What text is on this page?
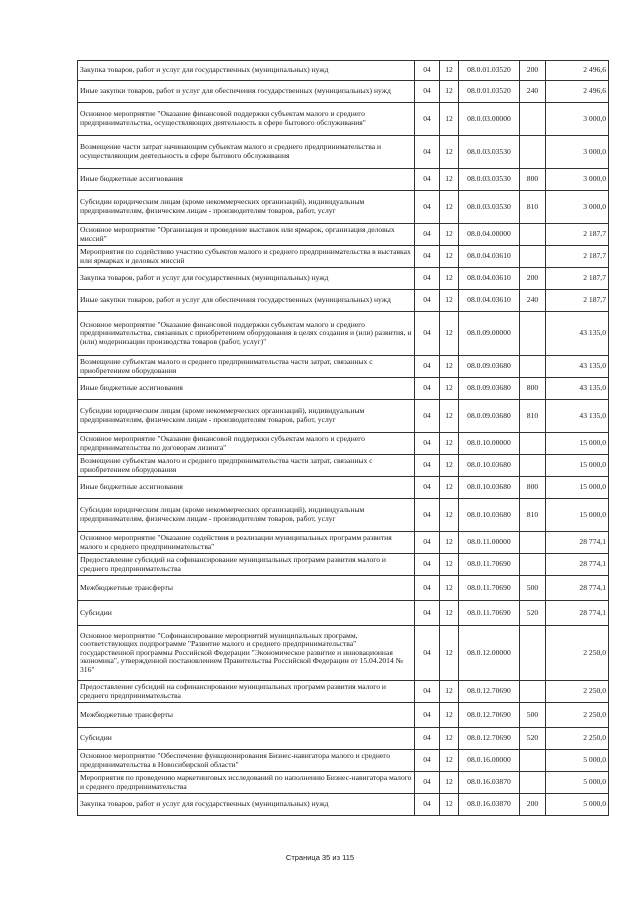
Закупка товаров, работ и услуг для государственных (муниципальных) нужд	04	12	08.0.01.03520	200	2 496,6
Иные закупки товаров, работ и услуг для обеспечения государственных (муниципальных) нужд	04	12	08.0.01.03520	240	2 496,6
Основное мероприятие "Оказание финансовой поддержки субъектам малого и среднего предпринимательства, осуществляющих деятельность в сфере бытового обслуживания"	04	12	08.0.03.00000		3 000,0
Возмещение части затрат начинающим субъектам малого и среднего предпринимательства и осуществляющим деятельность в сфере бытового обслуживания	04	12	08.0.03.03530		3 000,0
Иные бюджетные ассигнования	04	12	08.0.03.03530	800	3 000,0
Субсидии юридическим лицам (кроме некоммерческих организаций), индивидуальным предпринимателям, физическим лицам - производителям товаров, работ, услуг	04	12	08.0.03.03530	810	3 000,0
Основное мероприятие "Организация и проведение выставок или ярмарок, организация деловых миссий"	04	12	08.0.04.00000		2 187,7
Мероприятия по содействию участию субъектов малого и среднего предпринимательства в выставках или ярмарках и деловых миссий	04	12	08.0.04.03610		2 187,7
Закупка товаров, работ и услуг для государственных (муниципальных) нужд	04	12	08.0.04.03610	200	2 187,7
Иные закупки товаров, работ и услуг для обеспечения государственных (муниципальных) нужд	04	12	08.0.04.03610	240	2 187,7
Основное мероприятие "Оказание финансовой поддержки субъектам малого и среднего предпринимательства, связанных с приобретением оборудования в целях создания и (или) развития, и (или) модернизации производства товаров (работ, услуг)"	04	12	08.0.09.00000		43 135,0
Возмещение субъектам малого и среднего предпринимательства части затрат, связанных с приобретением оборудования	04	12	08.0.09.03680		43 135,0
Иные бюджетные ассигнования	04	12	08.0.09.03680	800	43 135,0
Субсидии юридическим лицам (кроме некоммерческих организаций), индивидуальным предпринимателям, физическим лицам - производителям товаров, работ, услуг	04	12	08.0.09.03680	810	43 135,0
Основное мероприятие "Оказание финансовой поддержки субъектам малого и среднего предпринимательства по договорам лизинга"	04	12	08.0.10.00000		15 000,0
Возмещение субъектам малого и среднего предпринимательства части затрат, связанных с приобретением оборудования	04	12	08.0.10.03680		15 000,0
Иные бюджетные ассигнования	04	12	08.0.10.03680	800	15 000,0
Субсидии юридическим лицам (кроме некоммерческих организаций), индивидуальным предпринимателям, физическим лицам - производителям товаров, работ, услуг	04	12	08.0.10.03680	810	15 000,0
Основное мероприятие "Оказание содействия в реализации муниципальных программ развития малого и среднего предпринимательства"	04	12	08.0.11.00000		28 774,1
Предоставление субсидий на софинансирование муниципальных программ развития малого и среднего предпринимательства	04	12	08.0.11.70690		28 774,1
Межбюджетные трансферты	04	12	08.0.11.70690	500	28 774,1
Субсидии	04	12	08.0.11.70690	520	28 774,1
Основное мероприятие "Софинансирование мероприятий муниципальных программ, соответствующих подпрограмме "Развитие малого и среднего предпринимательства" государственной программы Российской Федерации "Экономическое развитие и инновационная экономика", утвержденной постановлением Правительства Российской Федерации от 15.04.2014 № 316"	04	12	08.0.12.00000		2 250,0
Предоставление субсидий на софинансирование муниципальных программ развития малого и среднего предпринимательства	04	12	08.0.12.70690		2 250,0
Межбюджетные трансферты	04	12	08.0.12.70690	500	2 250,0
Субсидии	04	12	08.0.12.70690	520	2 250,0
Основное мероприятие "Обеспечение функционирования Бизнес-навигатора малого и среднего предпринимательства в Новосибирской области"	04	12	08.0.16.00000		5 000,0
Мероприятия по проведению маркетинговых исследований по наполнению Бизнес-навигатора малого и среднего предпринимательства	04	12	08.0.16.03870		5 000,0
Закупка товаров, работ и услуг для государственных (муниципальных) нужд	04	12	08.0.16.03870	200	5 000,0
Страница 35 из 115
